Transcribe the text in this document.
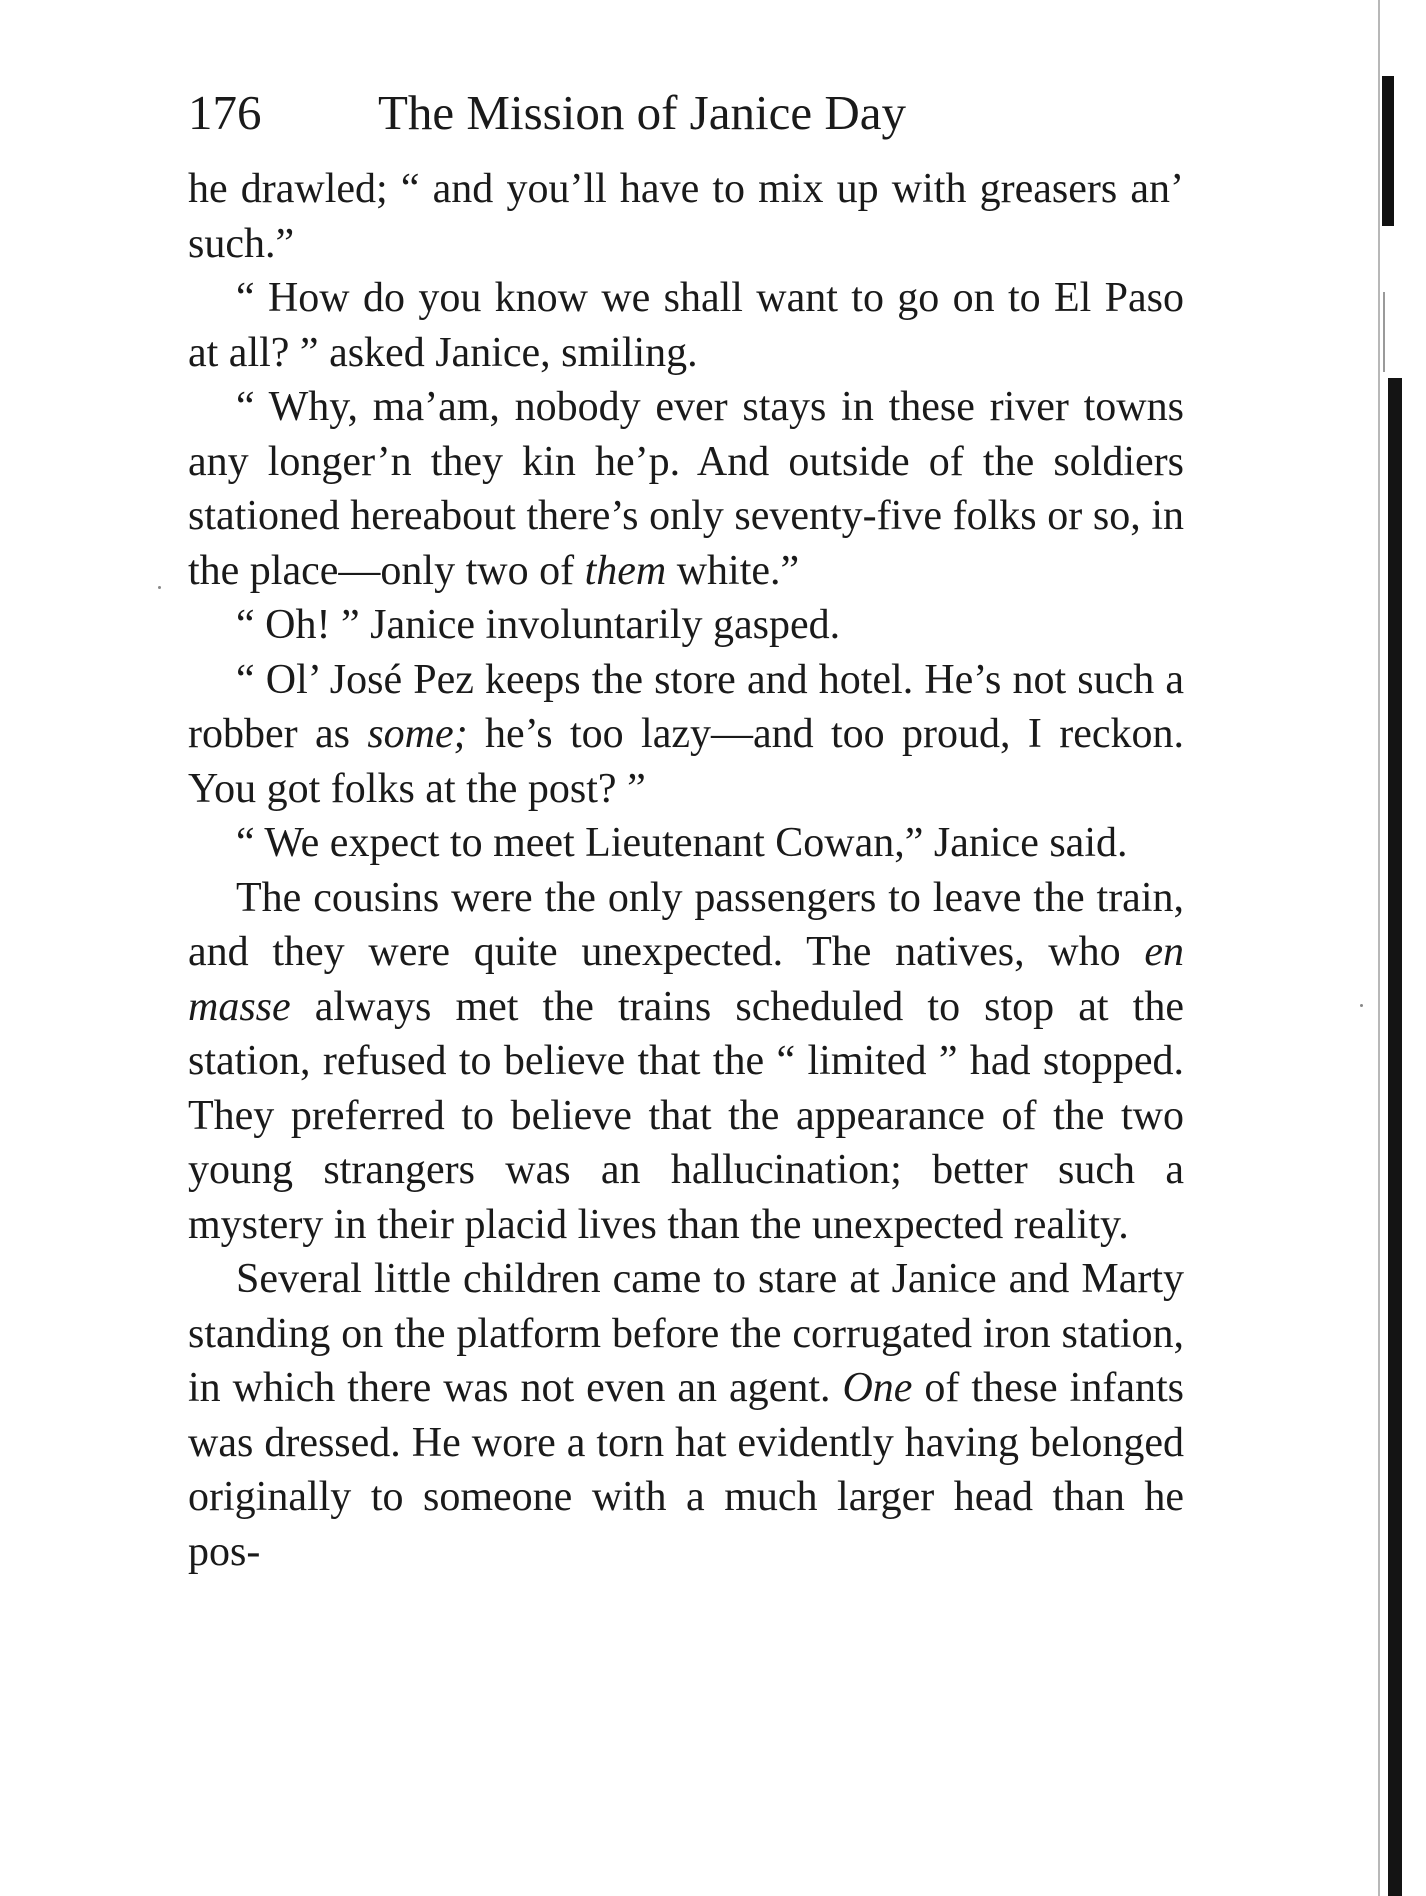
176 The Mission of Janice Day

he drawled; “ and you’ll have to mix up with greasers an’ such.”

“ How do you know we shall want to go on to El Paso at all? ” asked Janice, smiling.

“ Why, ma’am, nobody ever stays in these river towns any longer’n they kin he’p. And outside of the soldiers stationed hereabout there’s only seventy-five folks or so, in the place—only two of them white.”

“ Oh! ” Janice involuntarily gasped.

“ Ol’ José Pez keeps the store and hotel. He’s not such a robber as some; he’s too lazy—and too proud, I reckon. You got folks at the post? ”

“ We expect to meet Lieutenant Cowan,” Janice said.

The cousins were the only passengers to leave the train, and they were quite unexpected. The natives, who en masse always met the trains scheduled to stop at the station, refused to believe that the “ limited ” had stopped. They preferred to believe that the appearance of the two young strangers was an hallucination; better such a mystery in their placid lives than the unexpected reality.

Several little children came to stare at Janice and Marty standing on the platform before the corrugated iron station, in which there was not even an agent. One of these infants was dressed. He wore a torn hat evidently having belonged originally to someone with a much larger head than he pos-
